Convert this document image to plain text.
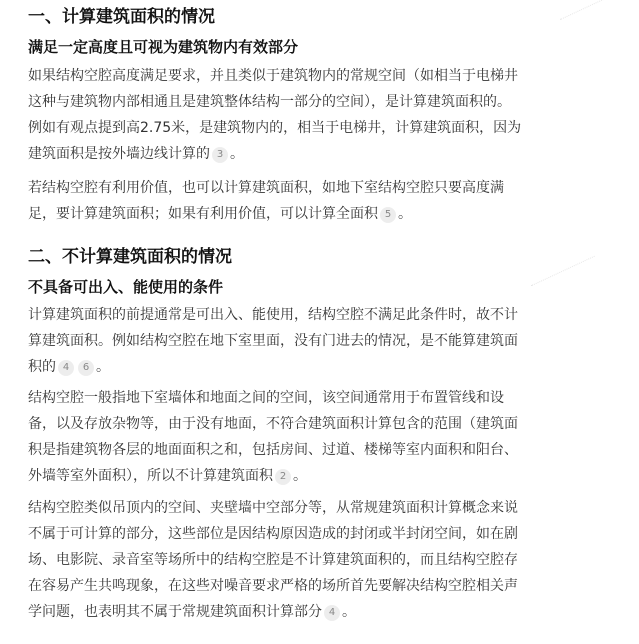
一、计算建筑面积的情况
满足一定高度且可视为建筑物内有效部分
如果结构空腔高度满足要求，并且类似于建筑物内的常规空间（如相当于电梯井
这种与建筑物内部相通且是建筑整体结构一部分的空间），是计算建筑面积的。
例如有观点提到高2.75米，是建筑物内的，相当于电梯井，计算建筑面积，因为
建筑面积是按外墙边线计算的 3 。
若结构空腔有利用价值，也可以计算建筑面积，如地下室结构空腔只要高度满
足，要计算建筑面积；如果有利用价值，可以计算全面积 5 。
二、不计算建筑面积的情况
不具备可出入、能使用的条件
计算建筑面积的前提通常是可出入、能使用，结构空腔不满足此条件时，故不计
算建筑面积。例如结构空腔在地下室里面，没有门进去的情况，是不能算建筑面
积的 4 6 。
结构空腔一般指地下室墙体和地面之间的空间，该空间通常用于布置管线和设
备，以及存放杂物等，由于没有地面，不符合建筑面积计算包含的范围（建筑面
积是指建筑物各层的地面面积之和，包括房间、过道、楼梯等室内面积和阳台、
外墙等室外面积），所以不计算建筑面积 2 。
结构空腔类似吊顶内的空间、夹壁墙中空部分等，从常规建筑面积计算概念来说
不属于可计算的部分，这些部位是因结构原因造成的封闭或半封闭空间，如在剧
场、电影院、录音室等场所中的结构空腔是不计算建筑面积的，而且结构空腔存
在容易产生共鸣现象，在这些对噪音要求严格的场所首先要解决结构空腔相关声
学问题，也表明其不属于常规建筑面积计算部分 4 。
